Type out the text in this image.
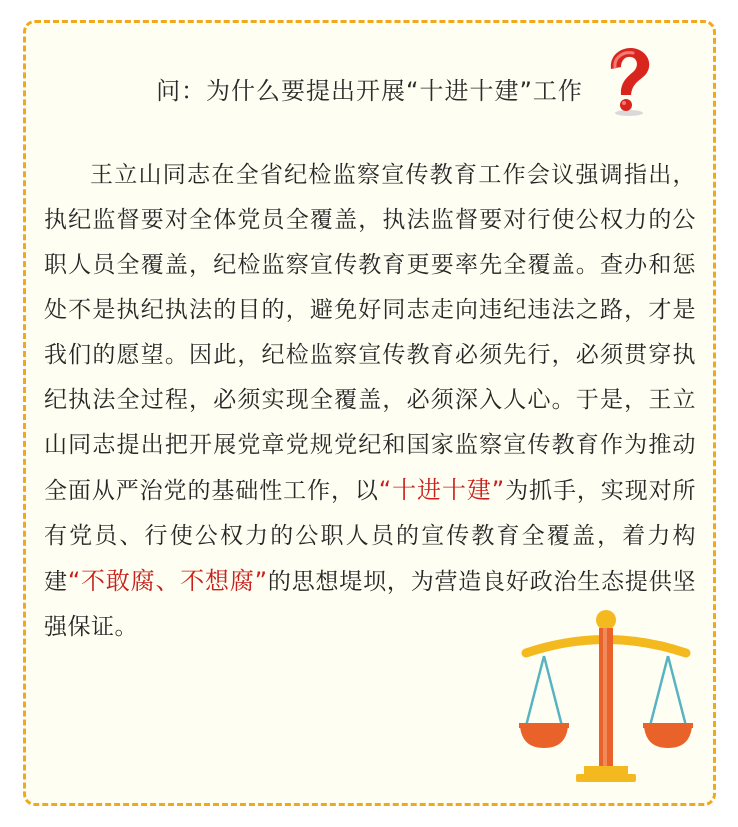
问：为什么要提出开展“十进十建”工作

王立山同志在全省纪检监察宣传教育工作会议强调指出，执纪监督要对全体党员全覆盖，执法监督要对行使公权力的公职人员全覆盖，纪检监察宣传教育更要率先全覆盖。查办和惩处不是执纪执法的目的，避免好同志走向违纪违法之路，才是我们的愿望。因此，纪检监察宣传教育必须先行，必须贯穿执纪执法全过程，必须实现全覆盖，必须深入人心。于是，王立山同志提出把开展党章党规党纪和国家监察宣传教育作为推动全面从严治党的基础性工作，以“十进十建”为抓手，实现对所有党员、行使公权力的公职人员的宣传教育全覆盖，着力构建“不敢腐、不想腐”的思想堤坝，为营造良好政治生态提供坚强保证。
